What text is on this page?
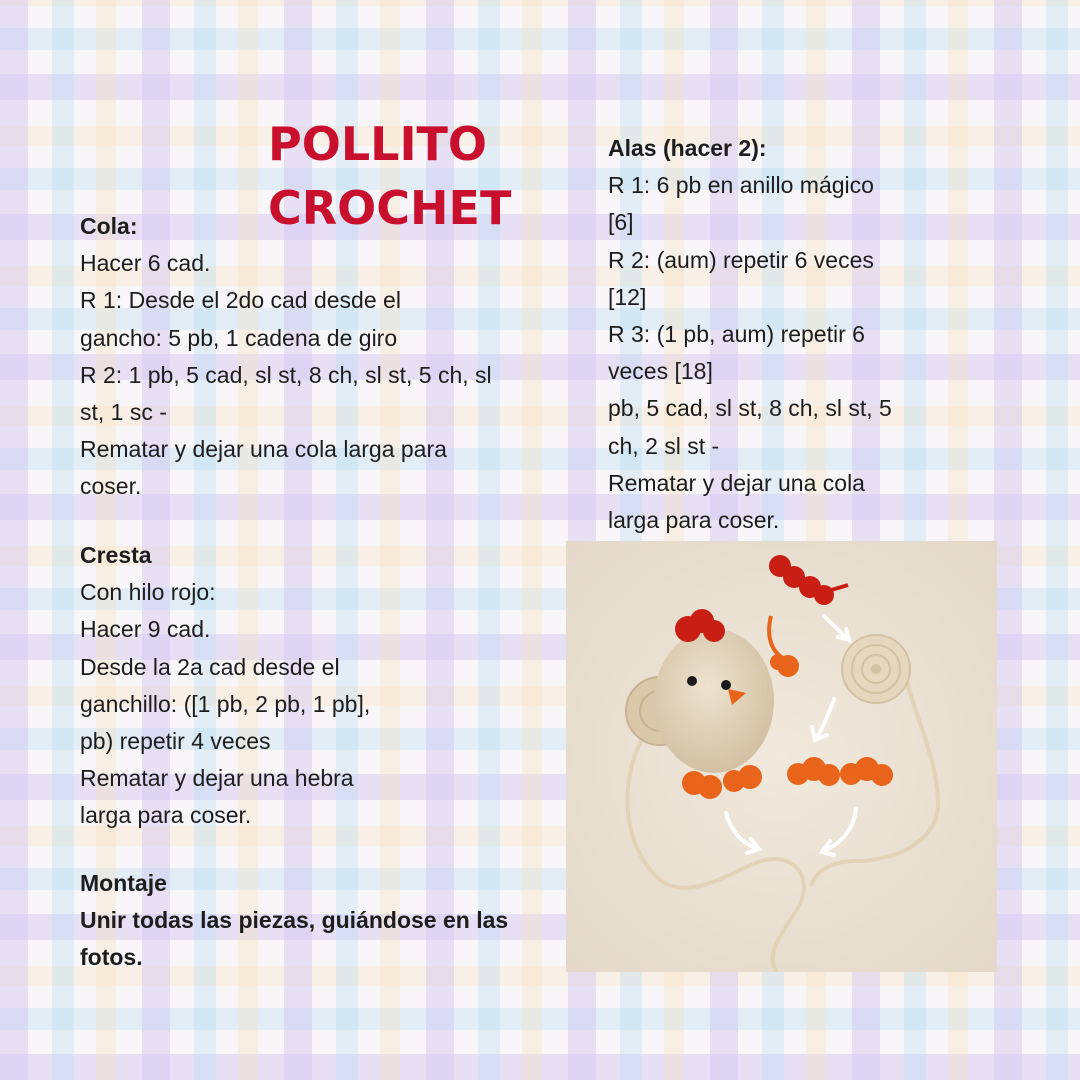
POLLITO
CROCHET
Cola:
Hacer 6 cad.
R 1: Desde el 2do cad desde el
gancho: 5 pb, 1 cadena de giro
R 2: 1 pb, 5 cad, sl st, 8 ch, sl st, 5 ch, sl
st, 1 sc -
Rematar y dejar una cola larga para
coser.
Cresta
Con hilo rojo:
Hacer 9 cad.
Desde la 2a cad desde el
ganchillo: ([1 pb, 2 pb, 1 pb],
pb) repetir 4 veces
Rematar y dejar una hebra
larga para coser.
Montaje
Unir todas las piezas, guiándose en las
fotos.
Alas (hacer 2):
R 1: 6 pb en anillo mágico
[6]
R 2: (aum) repetir 6 veces
[12]
R 3: (1 pb, aum) repetir 6
veces [18]
pb, 5 cad, sl st, 8 ch, sl st, 5
ch, 2 sl st -
Rematar y dejar una cola
larga para coser.
